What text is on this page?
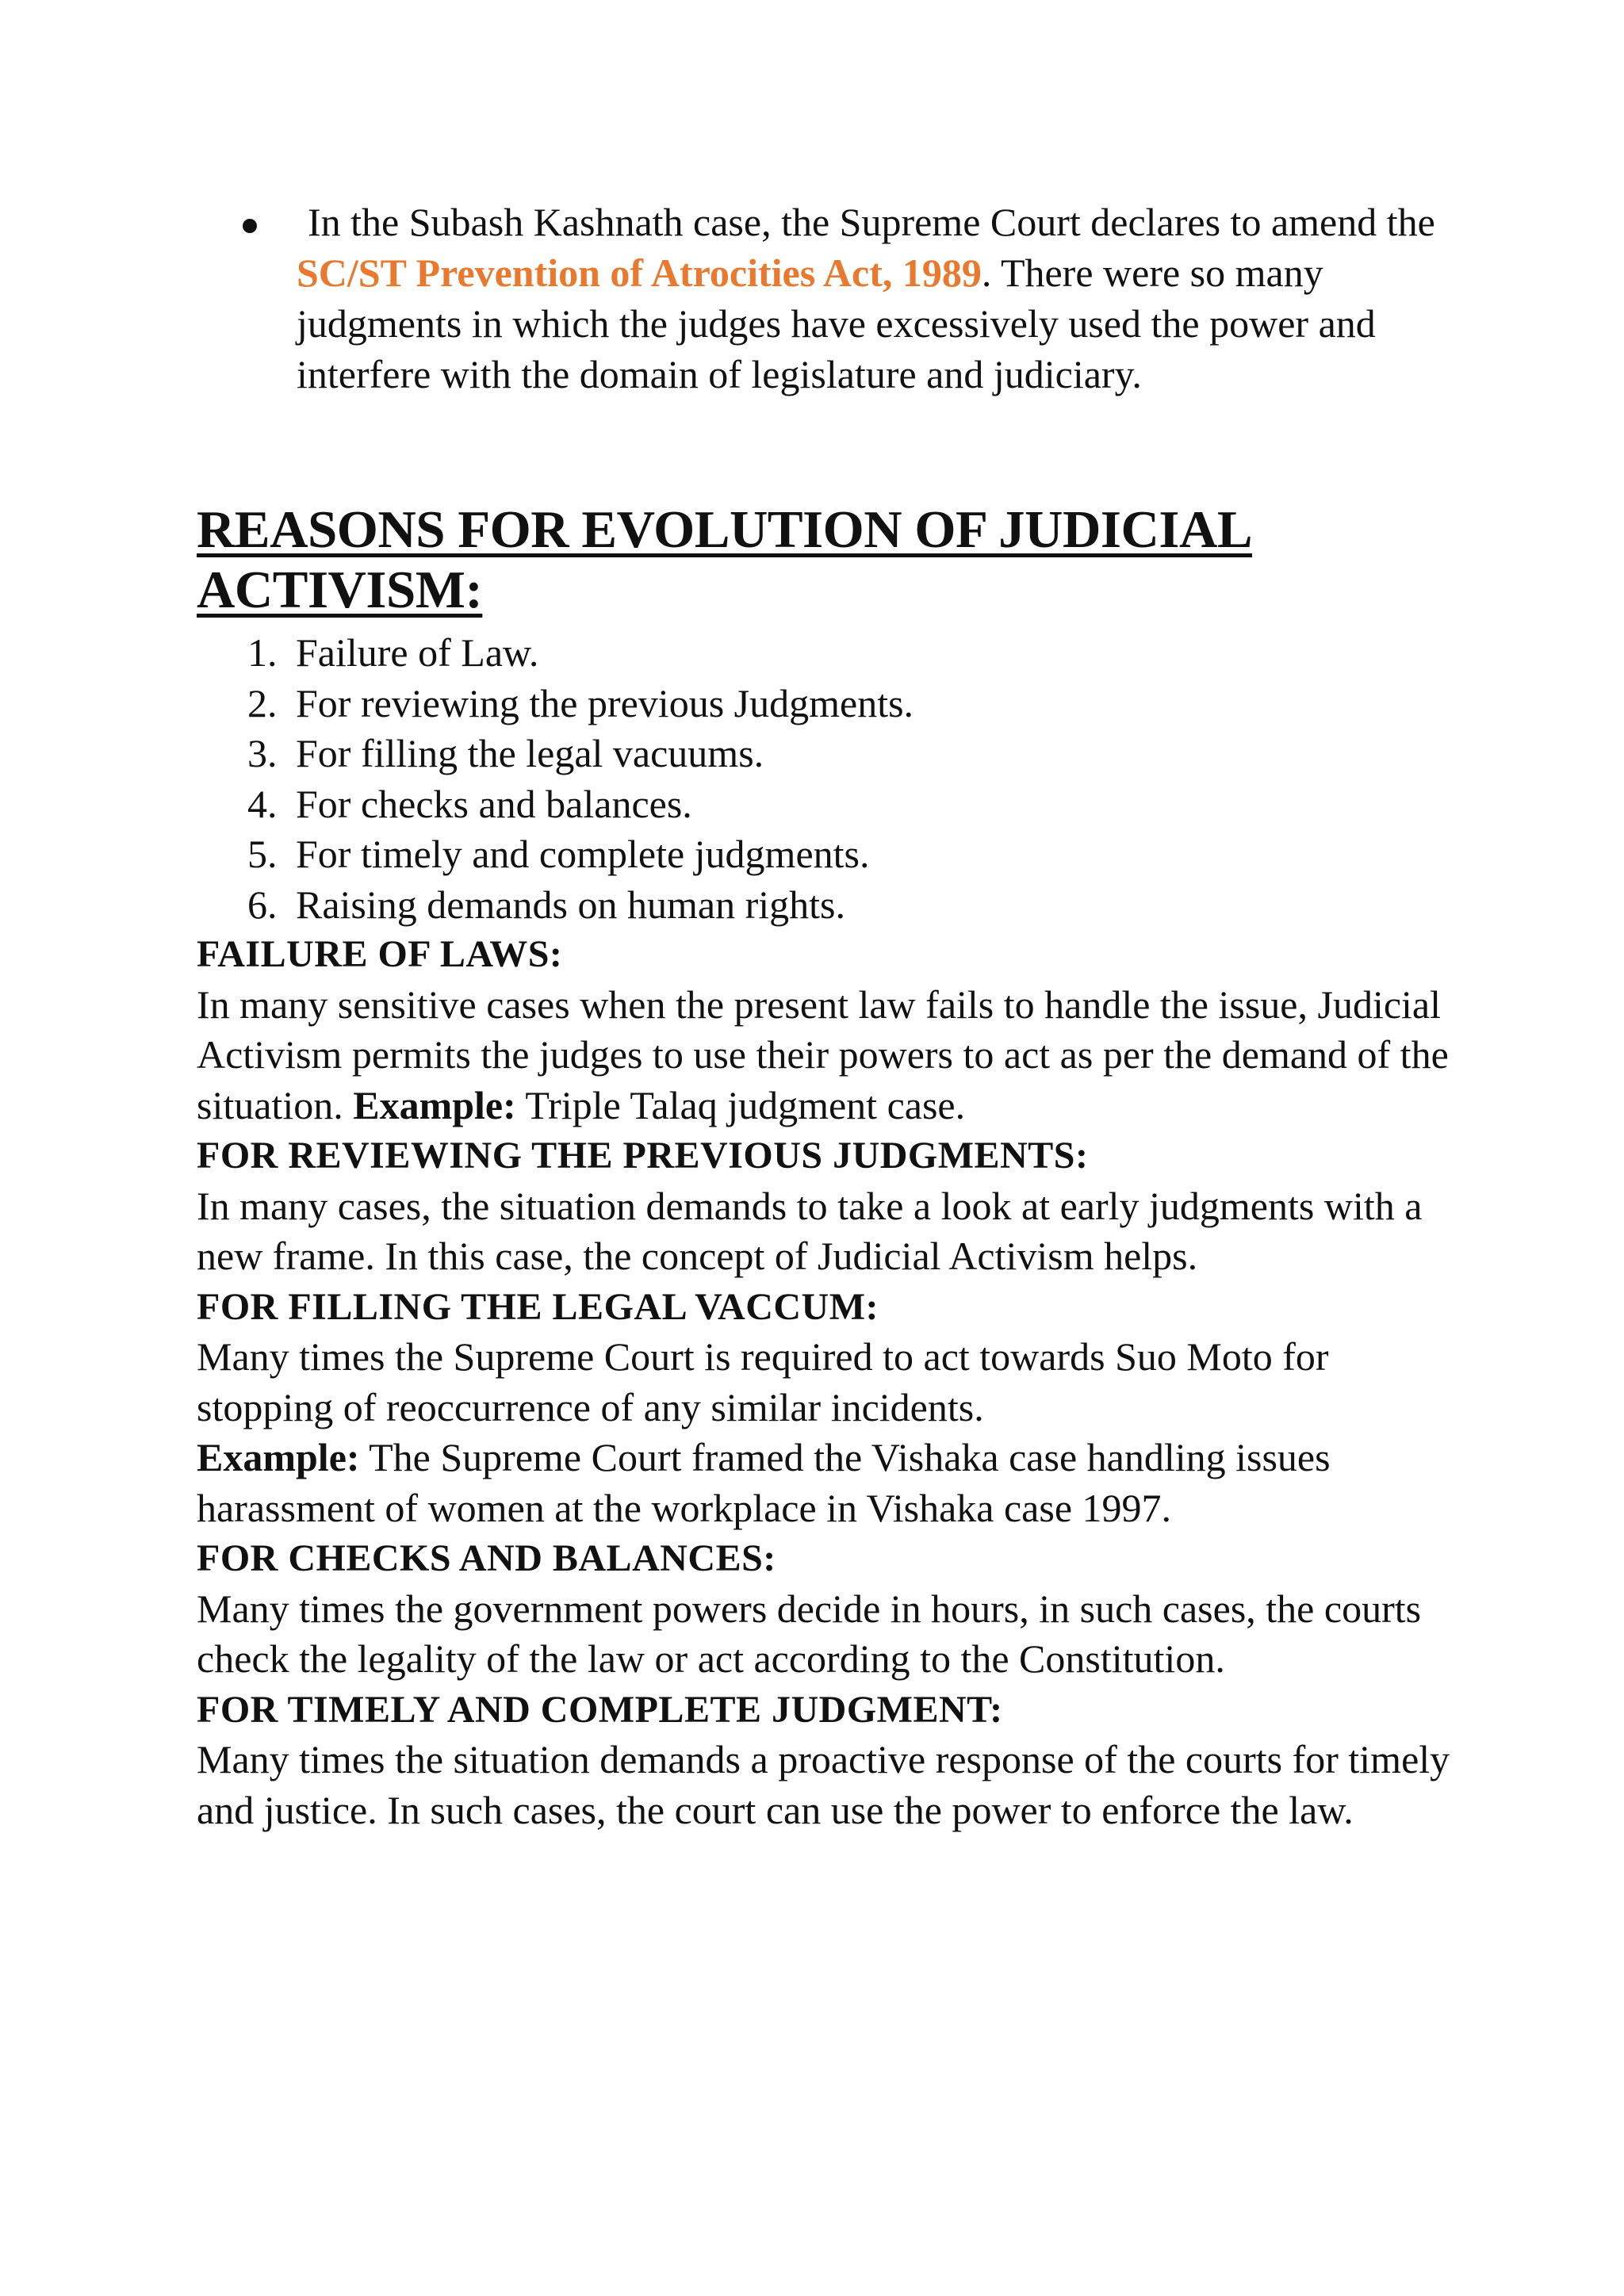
In the Subash Kashnath case, the Supreme Court declares to amend the SC/ST Prevention of Atrocities Act, 1989. There were so many judgments in which the judges have excessively used the power and interfere with the domain of legislature and judiciary.
REASONS FOR EVOLUTION OF JUDICIAL ACTIVISM:
1. Failure of Law.
2. For reviewing the previous Judgments.
3. For filling the legal vacuums.
4. For checks and balances.
5. For timely and complete judgments.
6. Raising demands on human rights.
FAILURE OF LAWS:

In many sensitive cases when the present law fails to handle the issue, Judicial Activism permits the judges to use their powers to act as per the demand of the situation. Example: Triple Talaq judgment case.

FOR REVIEWING THE PREVIOUS JUDGMENTS:

In many cases, the situation demands to take a look at early judgments with a new frame. In this case, the concept of Judicial Activism helps.

FOR FILLING THE LEGAL VACCUM:

Many times the Supreme Court is required to act towards Suo Moto for stopping of reoccurrence of any similar incidents.

Example: The Supreme Court framed the Vishaka case handling issues harassment of women at the workplace in Vishaka case 1997.

FOR CHECKS AND BALANCES:

Many times the government powers decide in hours, in such cases, the courts check the legality of the law or act according to the Constitution.

FOR TIMELY AND COMPLETE JUDGMENT:

Many times the situation demands a proactive response of the courts for timely and justice. In such cases, the court can use the power to enforce the law.
